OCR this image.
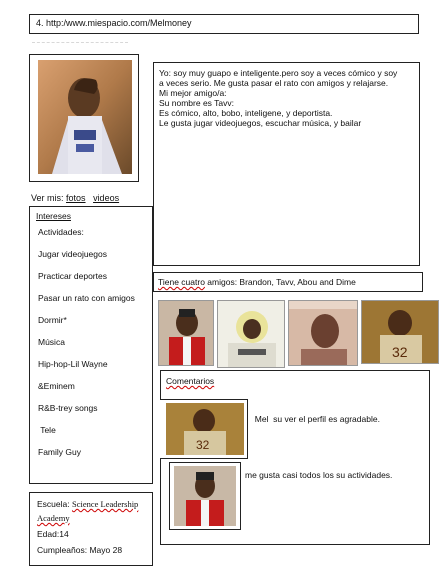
4. http:/www.miespacio.com/Melmoney
Ver mis: fotos videos
Yo: soy muy guapo e inteligente.pero soy a veces cómico y soy
a veces serio. Me gusta pasar el rato con amigos y relajarse.
Mi mejor amigo/a:
Su nombre es Tavv:
Es cómico, alto, bobo, inteligene, y deportista.
Le gusta jugar videojuegos, escuchar música, y bailar
Intereses
Actividades:
Jugar videojuegos
Practicar deportes
Pasar un rato con amigos
Dormir*
Música
Hip-hop-Lil Wayne
&Eminem
R&B-trey songs
Tele
Family Guy
Tiene cuatro amigos: Brandon, Tavv, Abou and Dime
32
Comentarios
32

Mel  su ver el perfil es agradable.

me gusta casi todos los su actividades.
Escuela: Science Leadership
Academy
Edad:14
Cumpleaños: Mayo 28
